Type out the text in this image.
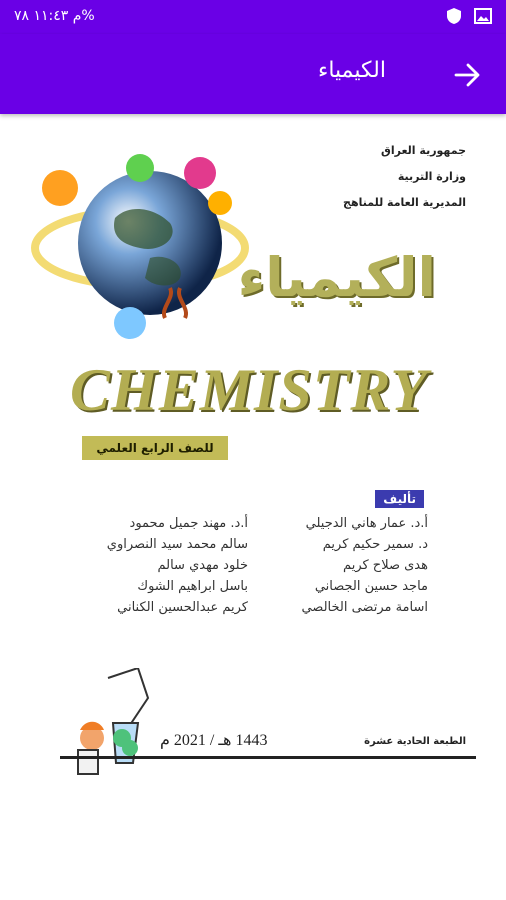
م ١١:٤٣ ٧٨%
الكيمياء
جمهورية العراق
وزارة التربية
المديرية العامة للمناهج
الكيمياء
CHEMISTRY
للصف الرابع العلمي
تأليف
أ.د. عمار هاني الدجيلي
أ.د. مهند جميل محمود
د. سمير حكيم كريم
سالم محمد سيد النصراوي
هدى صلاح كريم
خلود مهدي سالم
ماجد حسين الجصاني
باسل ابراهيم الشوك
اسامة مرتضى الخالصي
كريم عبدالحسين الكناني
1443 هـ / 2021 م	الطبعة الحادية عشرة
